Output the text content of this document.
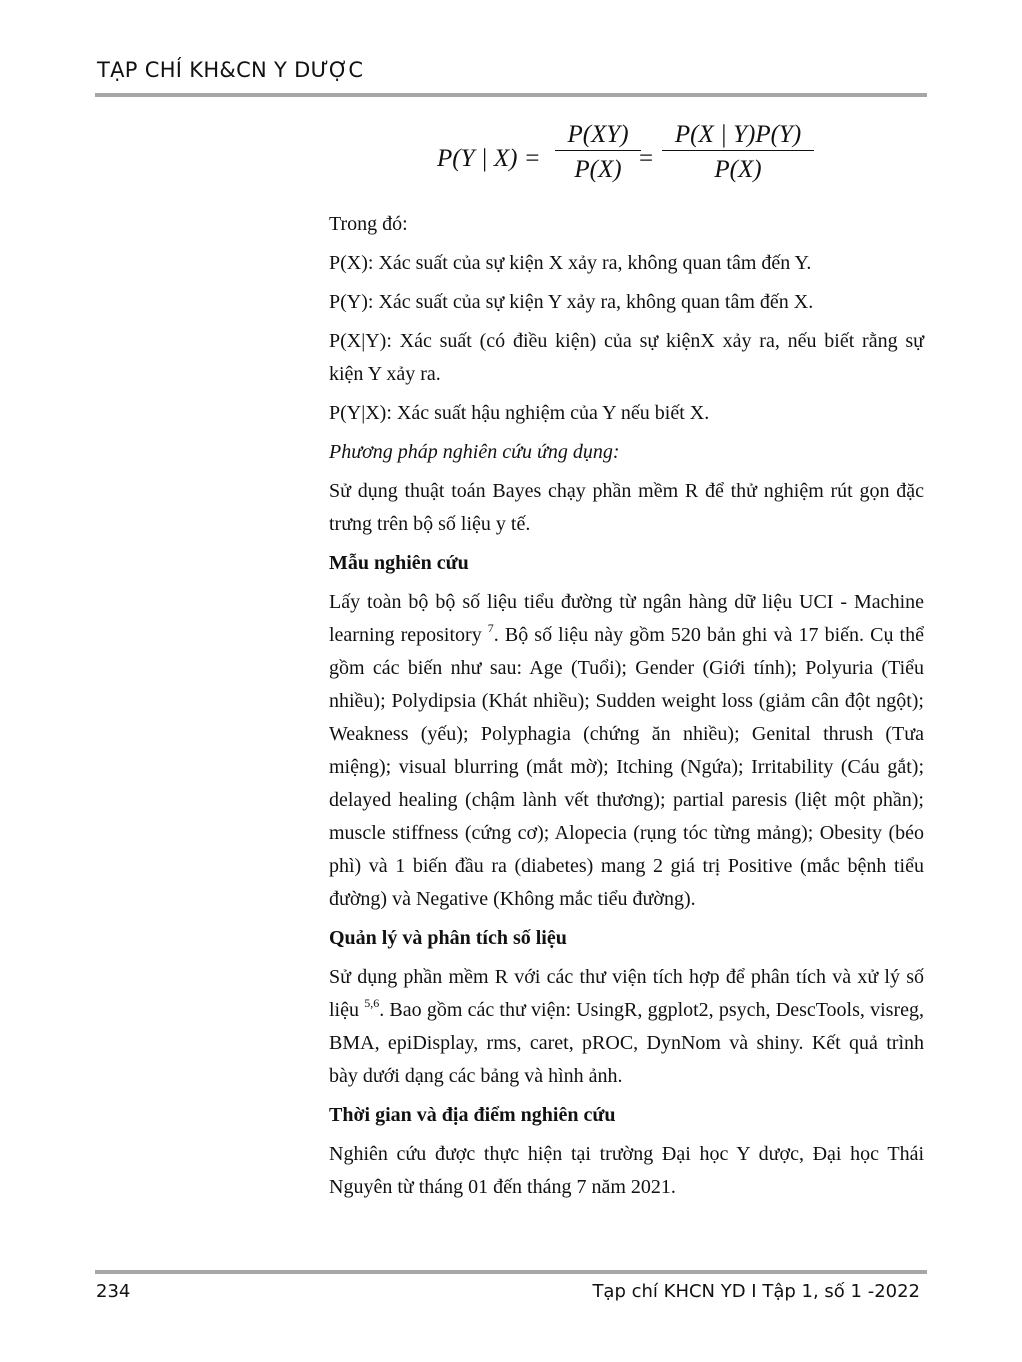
TẠP CHÍ KH&CN Y DƯỢC
P(Y | $X) = \frac{P(XY)}{P(X)}$
= $\frac{P(X | Y)P(Y)}{P(X)}$

Trong đó:

P(X): Xác suất của sự kiện X xảy ra, không quan tâm đến Y.

P(Y): Xác suất của sự kiện Y xảy ra, không quan tâm đến X.

P(X|Y): Xác suất (có điều kiện) của sự kiệnX xảy ra, nếu biết rằng sự kiện Y xảy ra.

P(Y|X): Xác suất hậu nghiệm của Y nếu biết X.

Phương pháp nghiên cứu ứng dụng:

Sử dụng thuật toán Bayes chạy phần mềm R để thử nghiệm rút gọn đặc trưng trên bộ số liệu y tế.

Mẫu nghiên cứu

Lấy toàn bộ bộ số liệu tiểu đường từ ngân hàng dữ liệu UCI - Machine learning repository $^7$. Bộ số liệu này gồm 520 bản ghi và 17 biến. Cụ thể gồm các biến như sau: Age (Tuổi); Gender (Giới tính); Polyuria (Tiểu nhiều); Polydipsia (Khát nhiều); Sudden weight loss (giảm cân đột ngột); Weakness (yếu); Polyphagia (chứng ăn nhiều); Genital thrush (Tưa miệng); visual blurring (mắt mờ); Itching (Ngứa); Irritability (Cáu gắt); delayed healing (chậm lành vết thương); partial paresis (liệt một phần); muscle stiffness (cứng cơ); Alopecia (rụng tóc từng mảng); Obesity (béo phì) và 1 biến đầu ra (diabetes) mang 2 giá trị Positive (mắc bệnh tiểu đường) và Negative (Không mắc tiểu đường).

Quản lý và phân tích số liệu

Sử dụng phần mềm R với các thư viện tích hợp để phân tích và xử lý số liệu $^{5,6}$. Bao gồm các thư viện: UsingR, ggplot2, psych, DescTools, visreg, BMA, epiDisplay, rms, caret, pROC, DynNom và shiny. Kết quả trình bày dưới dạng các bảng và hình ảnh.

Thời gian và địa điểm nghiên cứu

Nghiên cứu được thực hiện tại trường Đại học Y dược, Đại học Thái Nguyên từ tháng 01 đến tháng 7 năm 2021.

234	Tạp chí KHCN YD I Tập 1, số 1 -2022
